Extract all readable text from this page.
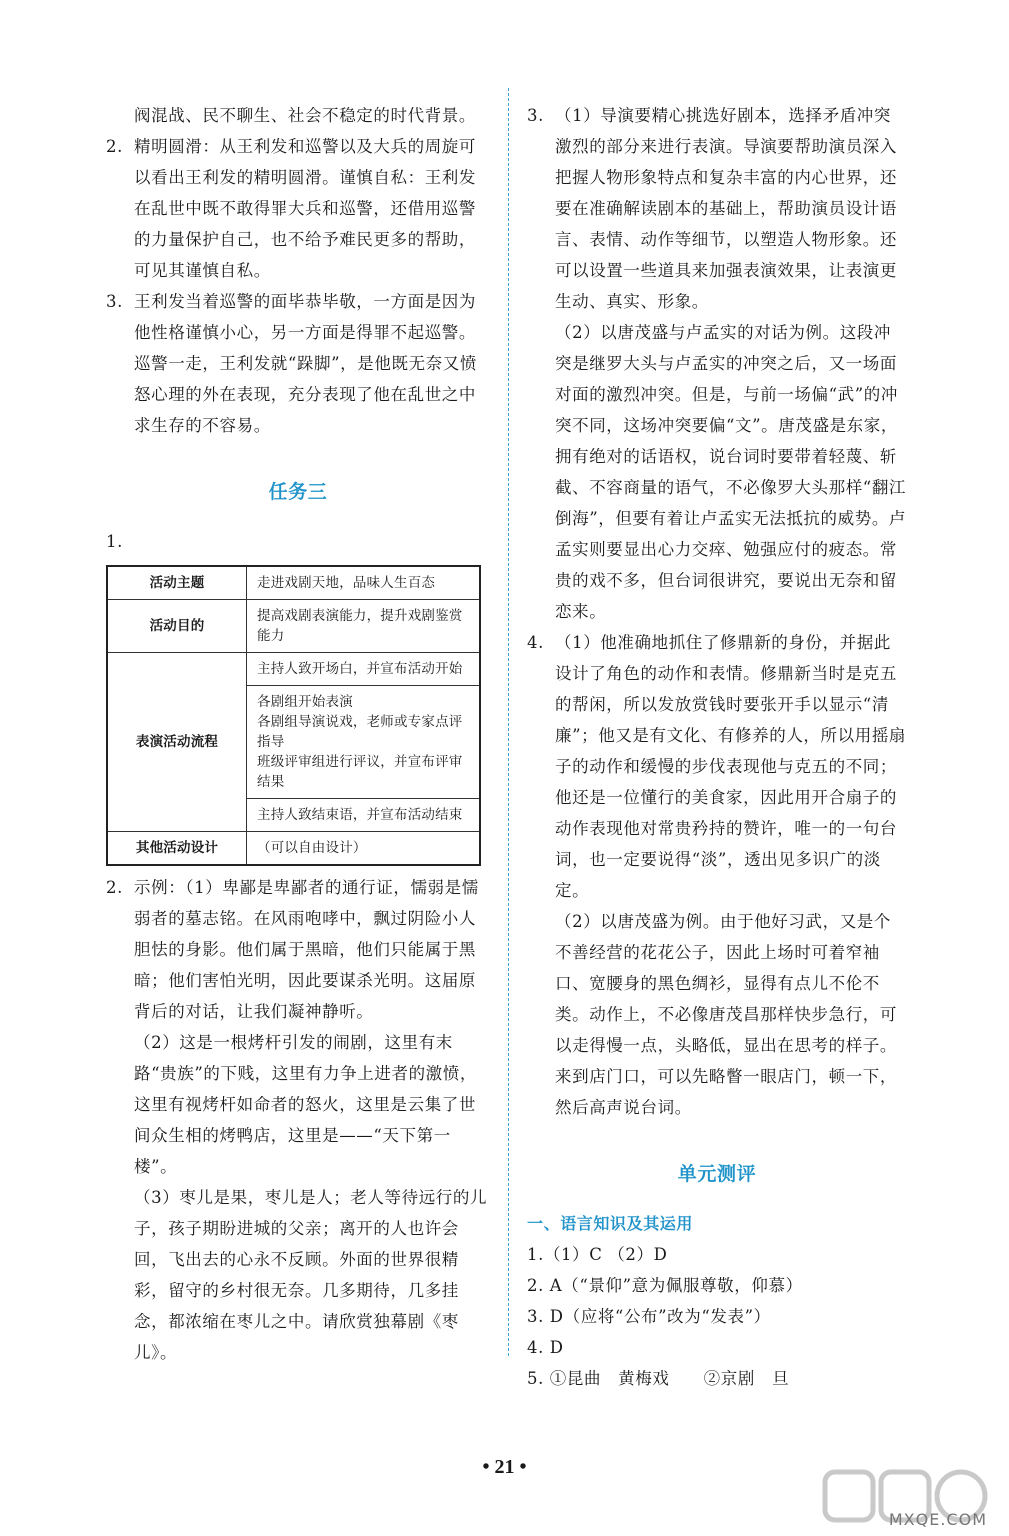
阀混战、民不聊生、社会不稳定的时代背景。

2. 精明圆滑：从王利发和巡警以及大兵的周旋可以看出王利发的精明圆滑。谨慎自私：王利发在乱世中既不敢得罪大兵和巡警，还借用巡警的力量保护自己，也不给予难民更多的帮助，可见其谨慎自私。

3. 王利发当着巡警的面毕恭毕敬，一方面是因为他性格谨慎小心，另一方面是得罪不起巡警。巡警一走，王利发就“跺脚”，是他既无奈又愤怒心理的外在表现，充分表现了他在乱世之中求生存的不容易。

任务三

1.

活动主题	走进戏剧天地，品味人生百态
活动目的	提高戏剧表演能力，提升戏剧鉴赏能力
表演活动流程	主持人致开场白，并宣布活动开始

	各剧组开始表演
各剧组导演说戏，老师或专家点评指导
班级评审组进行评议，并宣布评审结果

	主持人致结束语，并宣布活动结束
其他活动设计	（可以自由设计）

2. 示例：（1）卑鄙是卑鄙者的通行证，懦弱是懦弱者的墓志铭。在风雨咆哮中，飘过阴险小人胆怯的身影。他们属于黑暗，他们只能属于黑暗；他们害怕光明，因此要谋杀光明。这届原背后的对话，让我们凝神静听。

（2）这是一根烤杆引发的闹剧，这里有末路“贵族”的下贱，这里有力争上进者的激愤，这里有视烤杆如命者的怒火，这里是云集了世间众生相的烤鸭店，这里是——“天下第一楼”。

（3）枣儿是果，枣儿是人；老人等待远行的儿子，孩子期盼进城的父亲；离开的人也许会回，飞出去的心永不反顾。外面的世界很精彩，留守的乡村很无奈。几多期待，几多挂念，都浓缩在枣儿之中。请欣赏独幕剧《枣儿》。

3. （1）导演要精心挑选好剧本，选择矛盾冲突激烈的部分来进行表演。导演要帮助演员深入把握人物形象特点和复杂丰富的内心世界，还要在准确解读剧本的基础上，帮助演员设计语言、表情、动作等细节，以塑造人物形象。还可以设置一些道具来加强表演效果，让表演更生动、真实、形象。

（2）以唐茂盛与卢孟实的对话为例。这段冲突是继罗大头与卢孟实的冲突之后，又一场面对面的激烈冲突。但是，与前一场偏“武”的冲突不同，这场冲突要偏“文”。唐茂盛是东家，拥有绝对的话语权，说台词时要带着轻蔑、斩截、不容商量的语气，不必像罗大头那样“翻江倒海”，但要有着让卢孟实无法抵抗的威势。卢孟实则要显出心力交瘁、勉强应付的疲态。常贵的戏不多，但台词很讲究，要说出无奈和留恋来。

4. （1）他准确地抓住了修鼎新的身份，并据此设计了角色的动作和表情。修鼎新当时是克五的帮闲，所以发放赏钱时要张开手以显示“清廉”；他又是有文化、有修养的人，所以用摇扇子的动作和缓慢的步伐表现他与克五的不同；他还是一位懂行的美食家，因此用开合扇子的动作表现他对常贵矜持的赞许，唯一的一句台词，也一定要说得“淡”，透出见多识广的淡定。

（2）以唐茂盛为例。由于他好习武，又是个不善经营的花花公子，因此上场时可着窄袖口、宽腰身的黑色绸衫，显得有点儿不伦不类。动作上，不必像唐茂昌那样快步急行，可以走得慢一点，头略低，显出在思考的样子。来到店门口，可以先略瞥一眼店门，顿一下，然后高声说台词。

单元测评

一、语言知识及其运用

1.（1）C （2）D

2. A（“景仰”意为佩服尊敬，仰慕）

3. D（应将“公布”改为“发表”）

4. D

5. ①昆曲　黄梅戏　　②京剧　旦

• 21 •
MXQE.COM
